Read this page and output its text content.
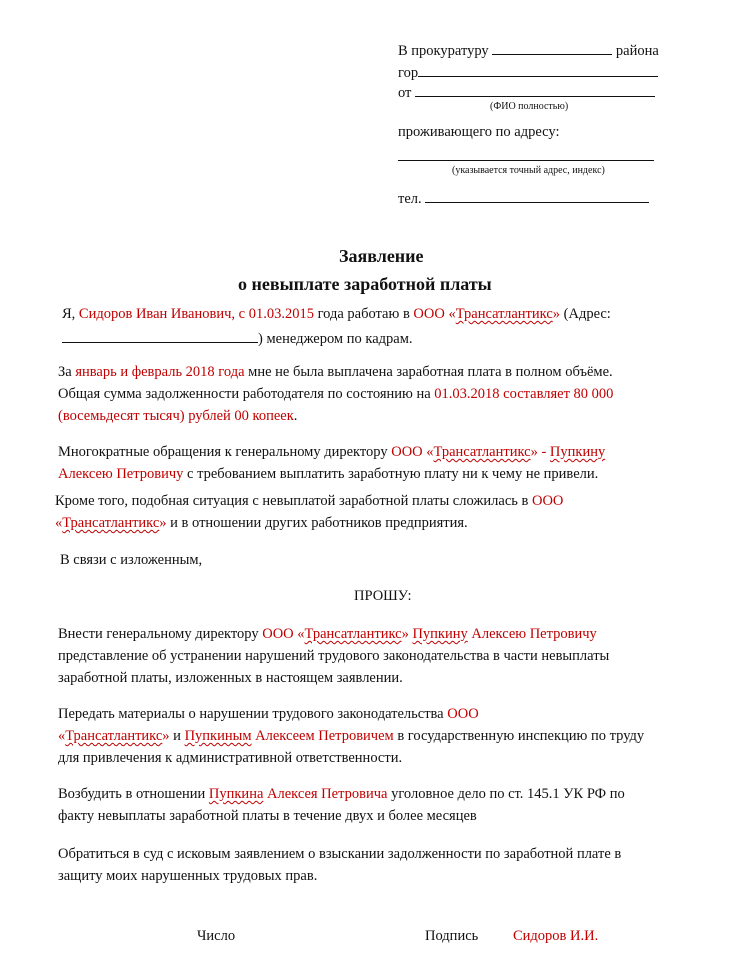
В прокуратуру	района
гор
от
(ФИО полностью)
проживающего по адресу:
(указывается точный адрес, индекс)
тел.
Заявление
о невыплате заработной платы
Я, Сидоров Иван Иванович, с 01.03.2015 года работаю в ООО «Трансатлантикс» (Адрес:
) менеджером по кадрам.
За январь и февраль 2018 года мне не была выплачена заработная плата в полном объёме.
Общая сумма задолженности работодателя по состоянию на 01.03.2018 составляет 80 000
(восемьдесят тысяч) рублей 00 копеек.
Многократные обращения к генеральному директору ООО «Трансатлантикс» - Пупкину
Алексею Петровичу с требованием выплатить заработную плату ни к чему не привели.
Кроме того, подобная ситуация с невыплатой заработной платы сложилась в ООО
«Трансатлантикс» и в отношении других работников предприятия.
В связи с изложенным,
ПРОШУ:
Внести генеральному директору ООО «Трансатлантикс» Пупкину Алексею Петровичу
представление об устранении нарушений трудового законодательства в части невыплаты
заработной платы, изложенных в настоящем заявлении.
Передать материалы о нарушении трудового законодательства ООО
«Трансатлантикс» и Пупкиным Алексеем Петровичем в государственную инспекцию по труду
для привлечения к административной ответственности.
Возбудить в отношении Пупкина Алексея Петровича уголовное дело по ст. 145.1 УК РФ по
факту невыплаты заработной платы в течение двух и более месяцев
Обратиться в суд с исковым заявлением о взыскании задолженности по заработной плате в
защиту моих нарушенных трудовых прав.
Число	Подпись Сидоров И.И.
